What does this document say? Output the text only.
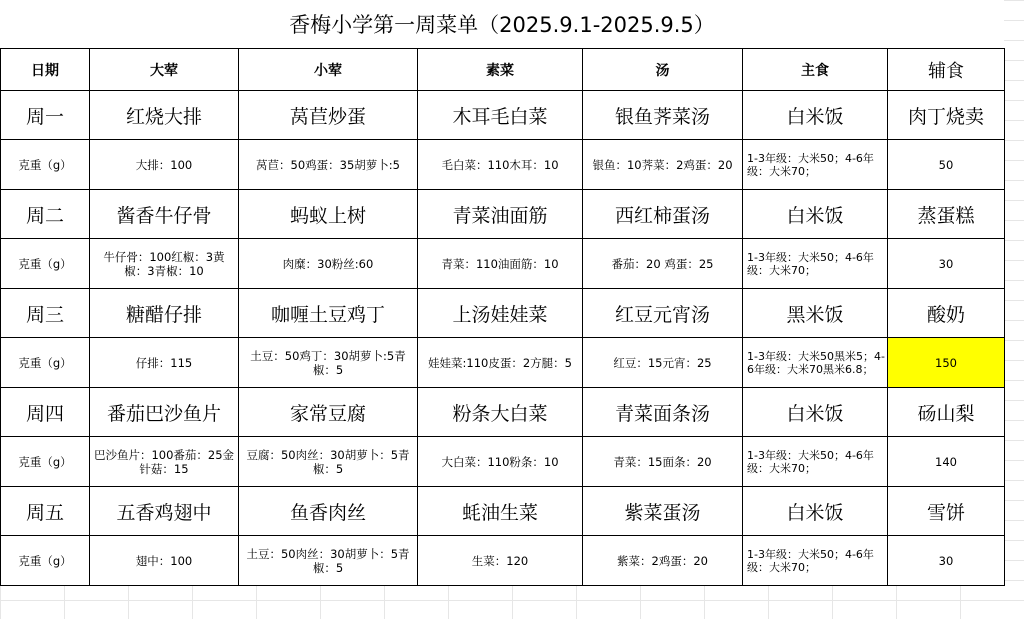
香梅小学第一周菜单（2025.9.1-2025.9.5）
日期	大荤	小荤	素菜	汤	主食	辅食
周一	红烧大排	莴苣炒蛋	木耳毛白菜	银鱼荠菜汤	白米饭	肉丁烧卖
克重（g）	大排：100	莴苣：50鸡蛋：35胡萝卜:5	毛白菜：110木耳：10	银鱼：10荠菜：2鸡蛋：20	1-3年级：大米50；4-6年级：大米70；	50
周二	酱香牛仔骨	蚂蚁上树	青菜油面筋	西红柿蛋汤	白米饭	蒸蛋糕
克重（g）	牛仔骨：100红椒：3黄椒：3青椒：10	肉糜：30粉丝:60	青菜：110油面筋：10	番茄：20 鸡蛋：25	1-3年级：大米50；4-6年级：大米70；	30
周三	糖醋仔排	咖喱土豆鸡丁	上汤娃娃菜	红豆元宵汤	黑米饭	酸奶
克重（g）	仔排：115	土豆：50鸡丁：30胡萝卜:5青椒：5	娃娃菜:110皮蛋：2方腿：5	红豆：15元宵：25	1-3年级：大米50黑米5；4-6年级：大米70黑米6.8；	150
周四	番茄巴沙鱼片	家常豆腐	粉条大白菜	青菜面条汤	白米饭	砀山梨
克重（g）	巴沙鱼片：100番茄：25金针菇：15	豆腐：50肉丝：30胡萝卜：5青椒：5	大白菜：110粉条：10	青菜：15面条：20	1-3年级：大米50；4-6年级：大米70；	140
周五	五香鸡翅中	鱼香肉丝	蚝油生菜	紫菜蛋汤	白米饭	雪饼
克重（g）	翅中：100	土豆：50肉丝：30胡萝卜：5青椒：5	生菜：120	紫菜：2鸡蛋：20	1-3年级：大米50；4-6年级：大米70；	30
